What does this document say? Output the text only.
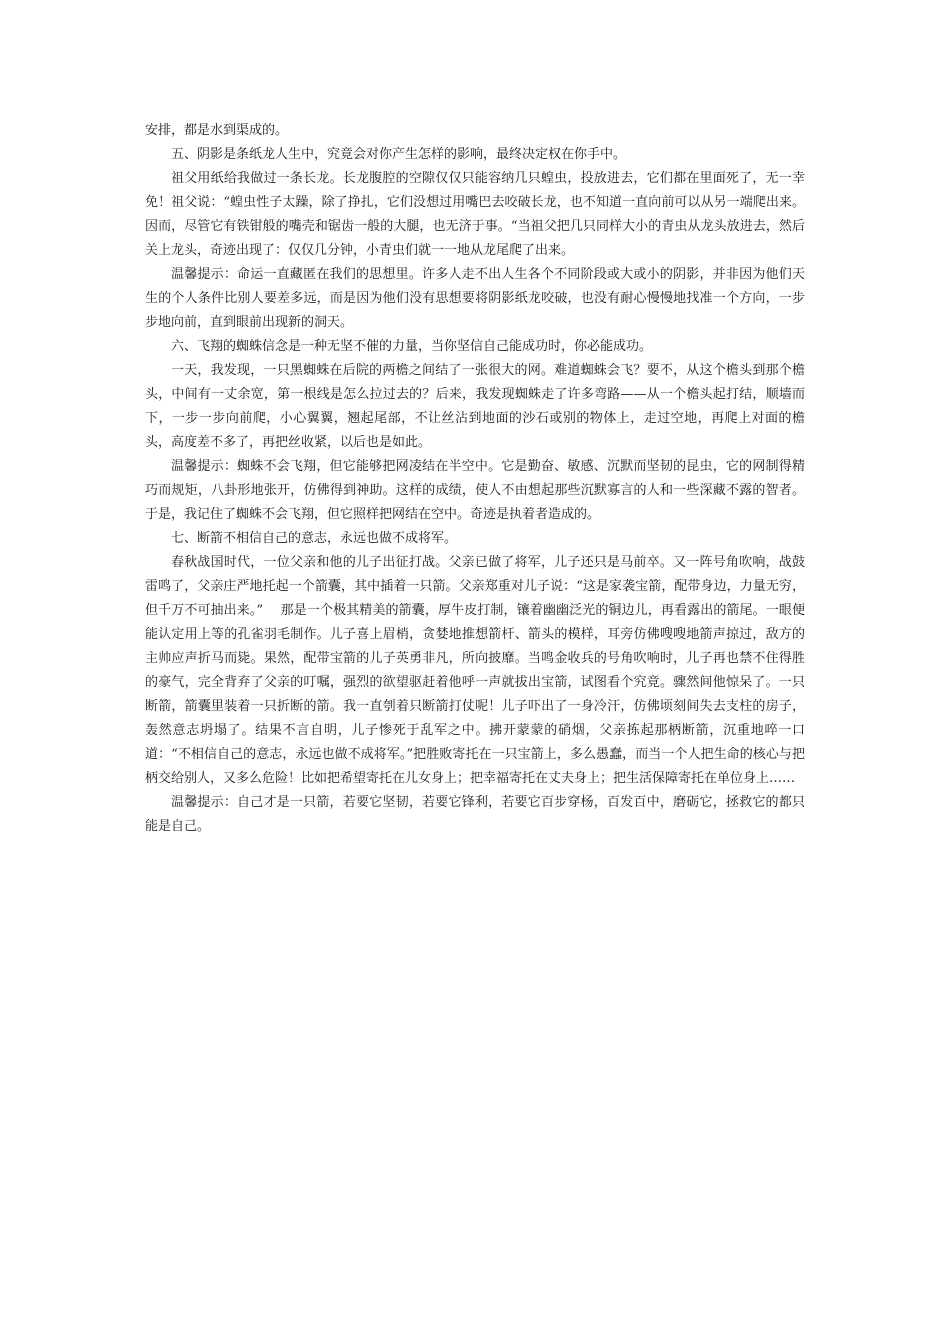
安排，都是水到渠成的。

五、阴影是条纸龙人生中，究竟会对你产生怎样的影响，最终决定权在你手中。

祖父用纸给我做过一条长龙。长龙腹腔的空隙仅仅只能容纳几只蝗虫，投放进去，它们都在里面死了，无一幸免！祖父说：“蝗虫性子太躁，除了挣扎，它们没想过用嘴巴去咬破长龙，也不知道一直向前可以从另一端爬出来。因而，尽管它有铁钳般的嘴壳和锯齿一般的大腿，也无济于事。“当祖父把几只同样大小的青虫从龙头放进去，然后关上龙头，奇迹出现了：仅仅几分钟，小青虫们就一一地从龙尾爬了出来。

温馨提示：命运一直藏匿在我们的思想里。许多人走不出人生各个不同阶段或大或小的阴影，并非因为他们天生的个人条件比别人要差多远，而是因为他们没有思想要将阴影纸龙咬破，也没有耐心慢慢地找准一个方向，一步步地向前，直到眼前出现新的洞天。

六、飞翔的蜘蛛信念是一种无坚不催的力量，当你坚信自己能成功时，你必能成功。

一天，我发现，一只黑蜘蛛在后院的两檐之间结了一张很大的网。难道蜘蛛会飞？要不，从这个檐头到那个檐头，中间有一丈余宽，第一根线是怎么拉过去的？后来，我发现蜘蛛走了许多弯路——从一个檐头起打结，顺墙而下，一步一步向前爬，小心翼翼，翘起尾部，不让丝沾到地面的沙石或别的物体上，走过空地，再爬上对面的檐头，高度差不多了，再把丝收紧，以后也是如此。

温馨提示：蜘蛛不会飞翔，但它能够把网凌结在半空中。它是勤奋、敏感、沉默而坚韧的昆虫，它的网制得精巧而规矩，八卦形地张开，仿佛得到神助。这样的成绩，使人不由想起那些沉默寡言的人和一些深藏不露的智者。于是，我记住了蜘蛛不会飞翔，但它照样把网结在空中。奇迹是执着者造成的。

七、断箭不相信自己的意志，永远也做不成将军。

春秋战国时代，一位父亲和他的儿子出征打战。父亲已做了将军，儿子还只是马前卒。又一阵号角吹响，战鼓雷鸣了，父亲庄严地托起一个箭囊，其中插着一只箭。父亲郑重对儿子说：“这是家袭宝箭，配带身边，力量无穷，但千万不可抽出来。”　 那是一个极其精美的箭囊，厚牛皮打制，镶着幽幽泛光的铜边儿，再看露出的箭尾。一眼便能认定用上等的孔雀羽毛制作。儿子喜上眉梢，贪婪地推想箭杆、箭头的模样，耳旁仿佛嗖嗖地箭声掠过，敌方的主帅应声折马而毙。果然，配带宝箭的儿子英勇非凡，所向披靡。当鸣金收兵的号角吹响时，儿子再也禁不住得胜的豪气，完全背弃了父亲的叮嘱，强烈的欲望驱赶着他呼一声就拔出宝箭，试图看个究竟。骤然间他惊呆了。一只断箭，箭囊里装着一只折断的箭。我一直刳着只断箭打仗呢！儿子吓出了一身冷汗，仿佛顷刻间失去支柱的房子，轰然意志坍塌了。结果不言自明，儿子惨死于乱军之中。拂开蒙蒙的硝烟，父亲拣起那柄断箭，沉重地啐一口道：“不相信自己的意志，永远也做不成将军。”把胜败寄托在一只宝箭上，多么愚蠢，而当一个人把生命的核心与把柄交给别人，又多么危险！比如把希望寄托在儿女身上；把幸福寄托在丈夫身上；把生活保障寄托在单位身上……

温馨提示：自己才是一只箭，若要它坚韧，若要它锋利，若要它百步穿杨，百发百中，磨砺它，拯救它的都只能是自己。
